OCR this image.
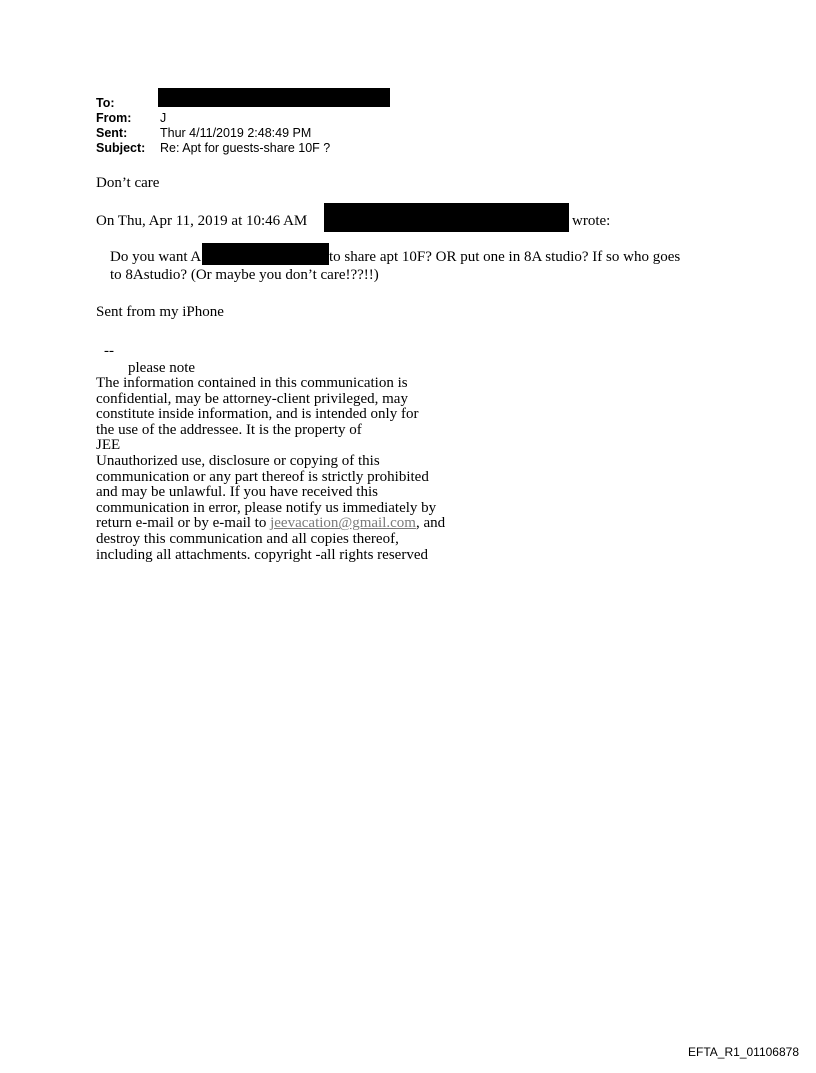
To:
From: J
Sent:	Thur 4/11/2019 2:48:49 PM
Subject: Re: Apt for guests-share 10F ?
Don’t care
On Thu, Apr 11, 2019 at 10:46 AM	wrote:
Do you want A	to share apt 10F? OR put one in 8A studio? If so who goes
to 8Astudio? (Or maybe you don’t care!??!!)
Sent from my iPhone
--
please note
The information contained in this communication is
confidential, may be attorney-client privileged, may
constitute inside information, and is intended only for
the use of the addressee. It is the property of
JEE
Unauthorized use, disclosure or copying of this
communication or any part thereof is strictly prohibited
and may be unlawful. If you have received this
communication in error, please notify us immediately by
return e-mail or by e-mail to jeevacation@gmail.com, and
destroy this communication and all copies thereof,
including all attachments. copyright -all rights reserved
EFTA_R1_01106878
